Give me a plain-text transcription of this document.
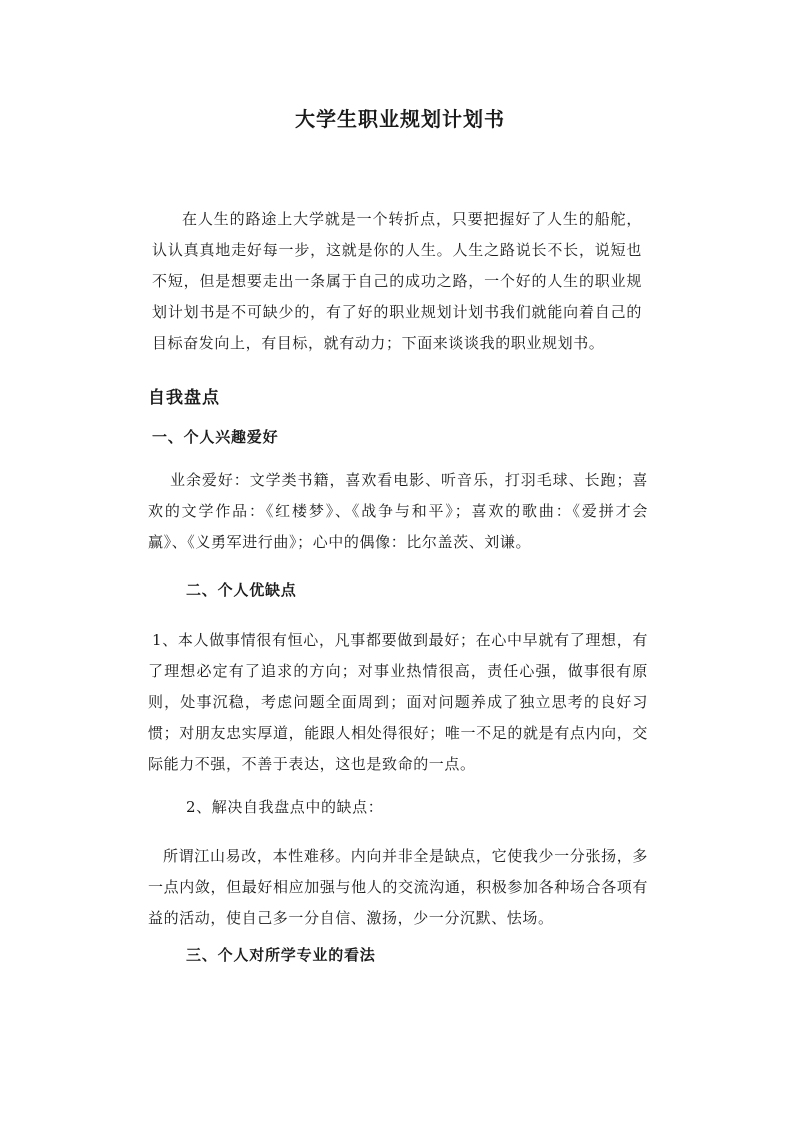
大学生职业规划计划书

在人生的路途上大学就是一个转折点，只要把握好了人生的船舵，认认真真地走好每一步，这就是你的人生。人生之路说长不长，说短也不短，但是想要走出一条属于自己的成功之路，一个好的人生的职业规划计划书是不可缺少的，有了好的职业规划计划书我们就能向着自己的目标奋发向上，有目标，就有动力；下面来谈谈我的职业规划书。

自我盘点
一、个人兴趣爱好

业余爱好：文学类书籍，喜欢看电影、听音乐，打羽毛球、长跑；喜欢的文学作品：《红楼梦》、《战争与和平》；喜欢的歌曲：《爱拼才会赢》、《义勇军进行曲》；心中的偶像：比尔盖茨、刘谦。

二、个人优缺点

1、本人做事情很有恒心，凡事都要做到最好；在心中早就有了理想，有了理想必定有了追求的方向；对事业热情很高，责任心强，做事很有原则，处事沉稳，考虑问题全面周到；面对问题养成了独立思考的良好习惯；对朋友忠实厚道，能跟人相处得很好；唯一不足的就是有点内向，交际能力不强，不善于表达，这也是致命的一点。

2、解决自我盘点中的缺点：

所谓江山易改，本性难移。内向并非全是缺点，它使我少一分张扬，多一点内敛，但最好相应加强与他人的交流沟通，积极参加各种场合各项有益的活动，使自己多一分自信、激扬，少一分沉默、怯场。

三、个人对所学专业的看法
